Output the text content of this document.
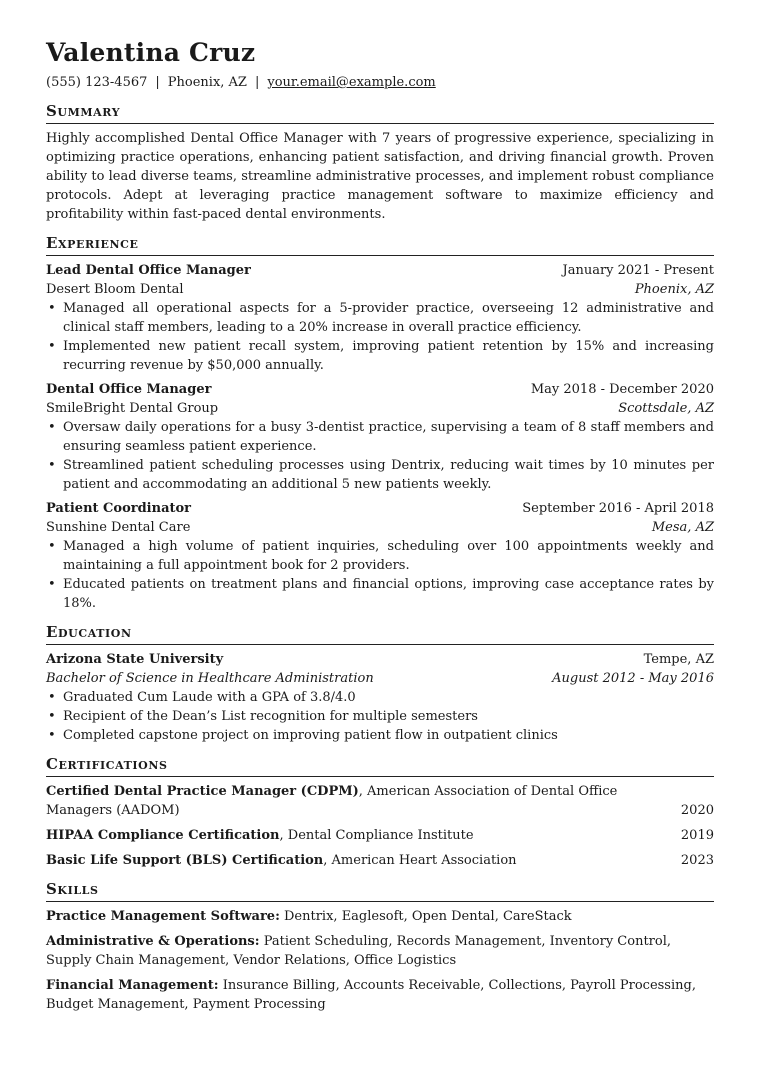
Valentina Cruz
(555) 123-4567 | Phoenix, AZ | your.email@example.com
Summary
Highly accomplished Dental Office Manager with 7 years of progressive experience, specializing in optimizing practice operations, enhancing patient satisfaction, and driving financial growth. Proven ability to lead diverse teams, streamline administrative processes, and implement robust compliance protocols. Adept at leveraging practice management software to maximize efficiency and profitability within fast-paced dental environments.
Experience
Lead Dental Office Manager	January 2021 - Present
Desert Bloom Dental	Phoenix, AZ
• Managed all operational aspects for a 5-provider practice, overseeing 12 administrative and clinical staff members, leading to a 20% increase in overall practice efficiency.
• Implemented new patient recall system, improving patient retention by 15% and increasing recurring revenue by $50,000 annually.
Dental Office Manager	May 2018 - December 2020
SmileBright Dental Group	Scottsdale, AZ
• Oversaw daily operations for a busy 3-dentist practice, supervising a team of 8 staff members and ensuring seamless patient experience.
• Streamlined patient scheduling processes using Dentrix, reducing wait times by 10 minutes per patient and accommodating an additional 5 new patients weekly.
Patient Coordinator	September 2016 - April 2018
Sunshine Dental Care	Mesa, AZ
• Managed a high volume of patient inquiries, scheduling over 100 appointments weekly and maintaining a full appointment book for 2 providers.
• Educated patients on treatment plans and financial options, improving case acceptance rates by 18%.
Education
Arizona State University	Tempe, AZ
Bachelor of Science in Healthcare Administration	August 2012 - May 2016
• Graduated Cum Laude with a GPA of 3.8/4.0
• Recipient of the Dean’s List recognition for multiple semesters
• Completed capstone project on improving patient flow in outpatient clinics
Certifications
Certified Dental Practice Manager (CDPM), American Association of Dental Office Managers (AADOM)	2020
HIPAA Compliance Certification, Dental Compliance Institute	2019
Basic Life Support (BLS) Certification, American Heart Association	2023
Skills
Practice Management Software: Dentrix, Eaglesoft, Open Dental, CareStack
Administrative & Operations: Patient Scheduling, Records Management, Inventory Control, Supply Chain Management, Vendor Relations, Office Logistics
Financial Management: Insurance Billing, Accounts Receivable, Collections, Payroll Processing, Budget Management, Payment Processing
